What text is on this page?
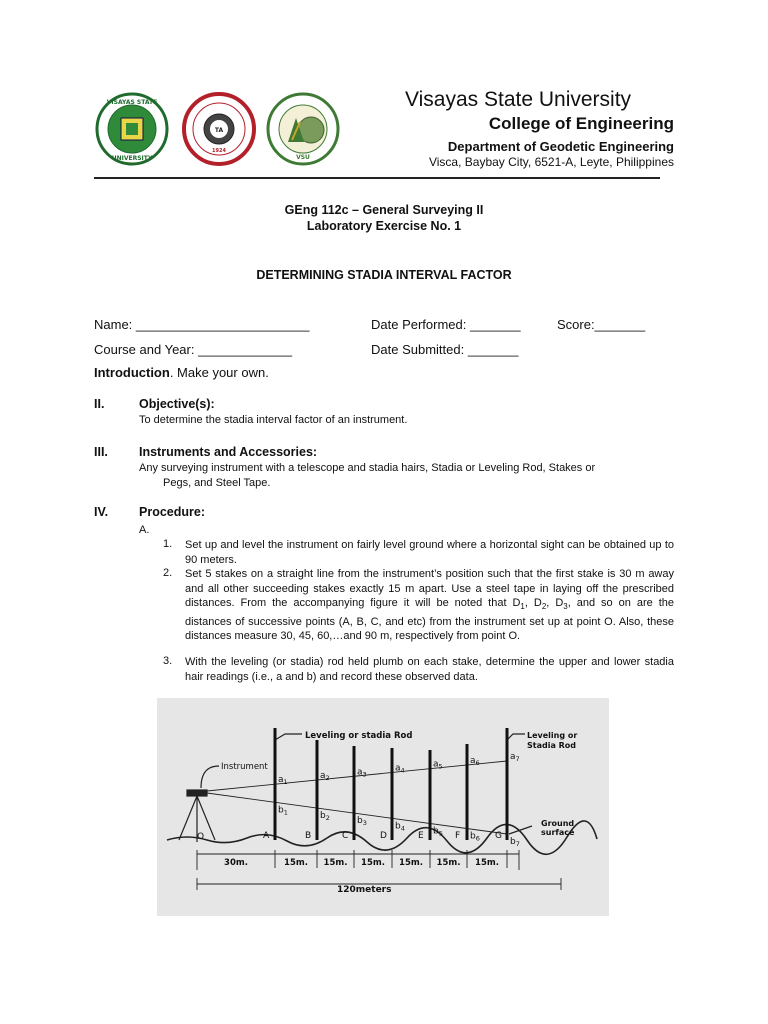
VISAYAS STATE
UNIVERSITY
TA
1924
VSU
Visayas State University
College of Engineering
Department of Geodetic Engineering
Visca, Baybay City, 6521-A, Leyte, Philippines
GEng 112c – General Surveying II
Laboratory Exercise No. 1
DETERMINING STADIA INTERVAL FACTOR
Name: ________________________	Date Performed: _______	Score:_______
Course and Year: _____________	Date Submitted: _______
Introduction. Make your own.
II.	Objective(s):
To determine the stadia interval factor of an instrument.
III. Instruments and Accessories:
Any surveying instrument with a telescope and stadia hairs, Stadia or Leveling Rod, Stakes or
Pegs, and Steel Tape.
IV. Procedure:
A.
1. Set up and level the instrument on fairly level ground where a horizontal sight can be obtained up to 90 meters.
2. Set 5 stakes on a straight line from the instrument’s position such that the first stake is 30 m away and all other succeeding stakes exactly 15 m apart. Use a steel tape in laying off the prescribed distances. From the accompanying figure it will be noted that $D_1$, $D_2$, $D_3$, and so on are the distances of successive points (A, B, C, and etc) from the instrument set up at point O. Also, these distances measure 30, 45, 60,…and 90 m, respectively from point O.
3. With the leveling (or stadia) rod held plumb on each stake, determine the upper and lower stadia hair readings (i.e., a and b) and record these observed data.
$a_1$
$b_1$
A
$a_2$
$b_2$
B
$a_3$
$b_3$
C
$a_4$
$b_4$
D
$a_5$
$b_5$
E
$a_6$
$b_6$
F
$a_7$
$b_7$
G
30m.	15m. 15m. 15m. 15m. 15m. 15m.
Instrument
Leveling or stadia Rod	Leveling or
Stadia Rod
Ground
surface
O
120meters
